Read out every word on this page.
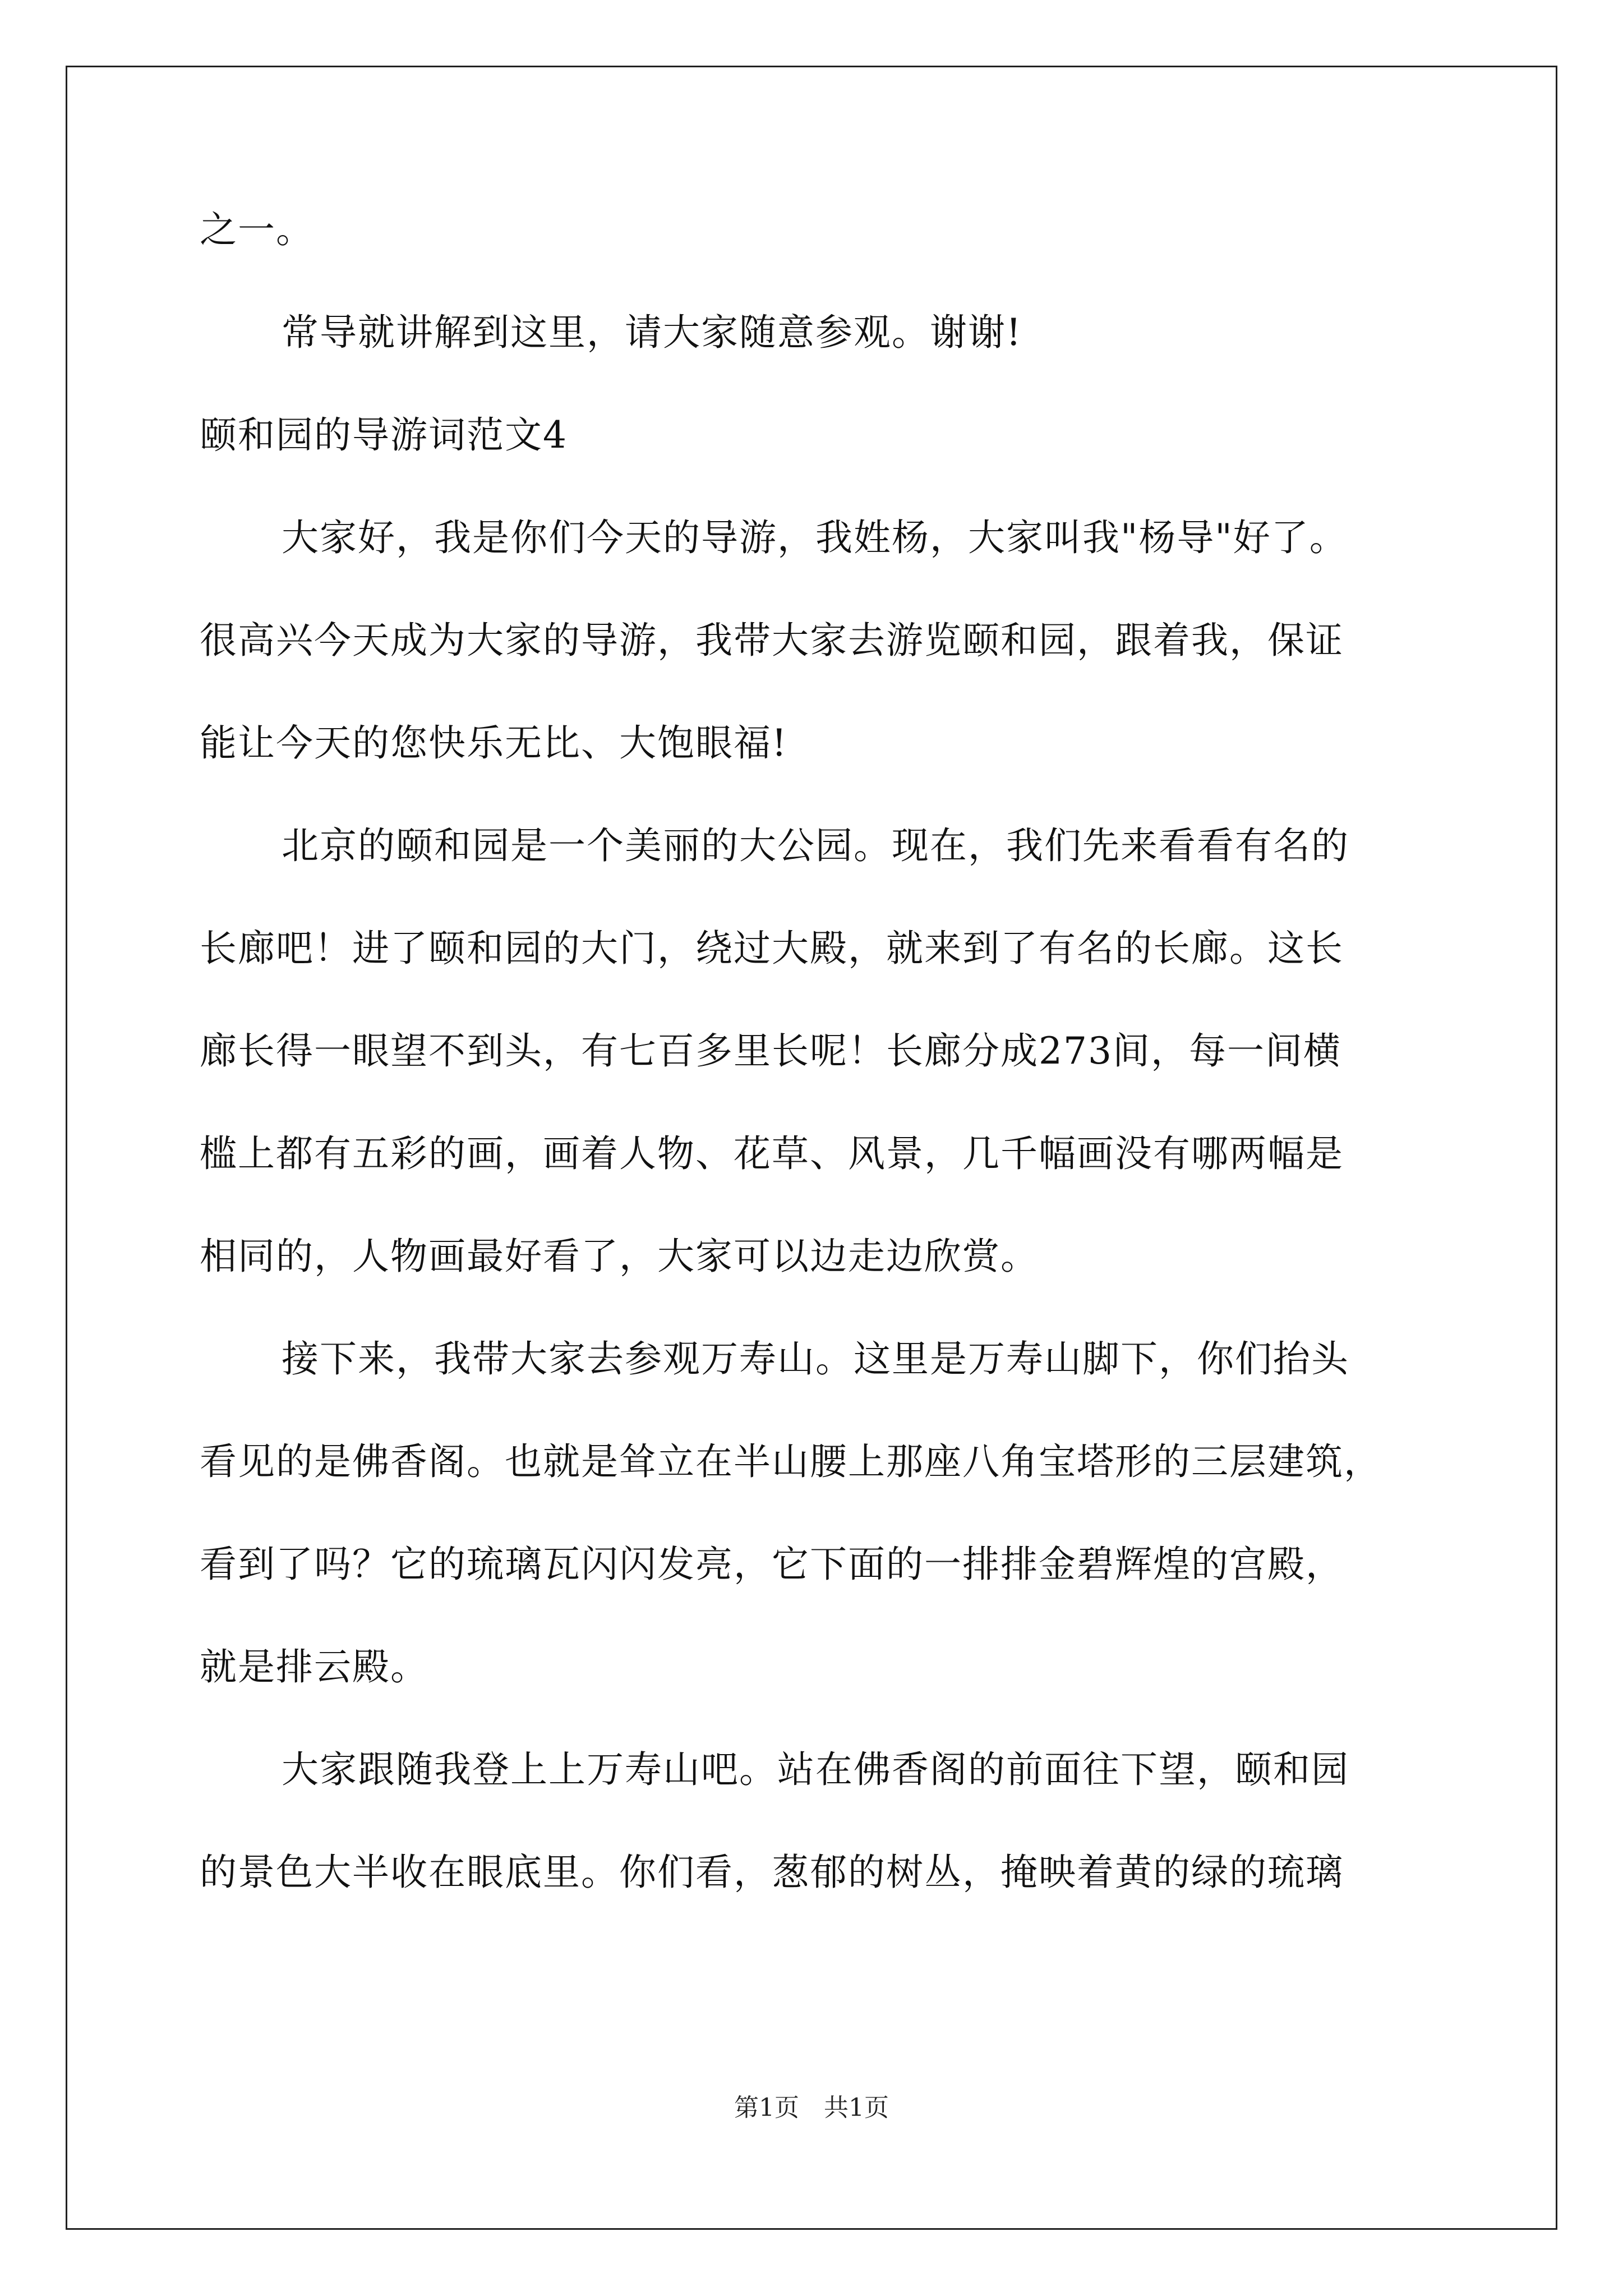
之一。
常导就讲解到这里，请大家随意参观。谢谢!
颐和园的导游词范文4
大家好，我是你们今天的导游，我姓杨，大家叫我"杨导"好了。
很高兴今天成为大家的导游，我带大家去游览颐和园，跟着我，保证
能让今天的您快乐无比、大饱眼福!
北京的颐和园是一个美丽的大公园。现在，我们先来看看有名的
长廊吧！进了颐和园的大门，绕过大殿，就来到了有名的长廊。这长
廊长得一眼望不到头，有七百多里长呢！长廊分成273间，每一间横
槛上都有五彩的画，画着人物、花草、风景，几千幅画没有哪两幅是
相同的，人物画最好看了，大家可以边走边欣赏。
接下来，我带大家去参观万寿山。这里是万寿山脚下，你们抬头
看见的是佛香阁。也就是耸立在半山腰上那座八角宝塔形的三层建筑，
看到了吗？它的琉璃瓦闪闪发亮，它下面的一排排金碧辉煌的宫殿，
就是排云殿。
大家跟随我登上上万寿山吧。站在佛香阁的前面往下望，颐和园
的景色大半收在眼底里。你们看，葱郁的树丛，掩映着黄的绿的琉璃
第1页 共1页
